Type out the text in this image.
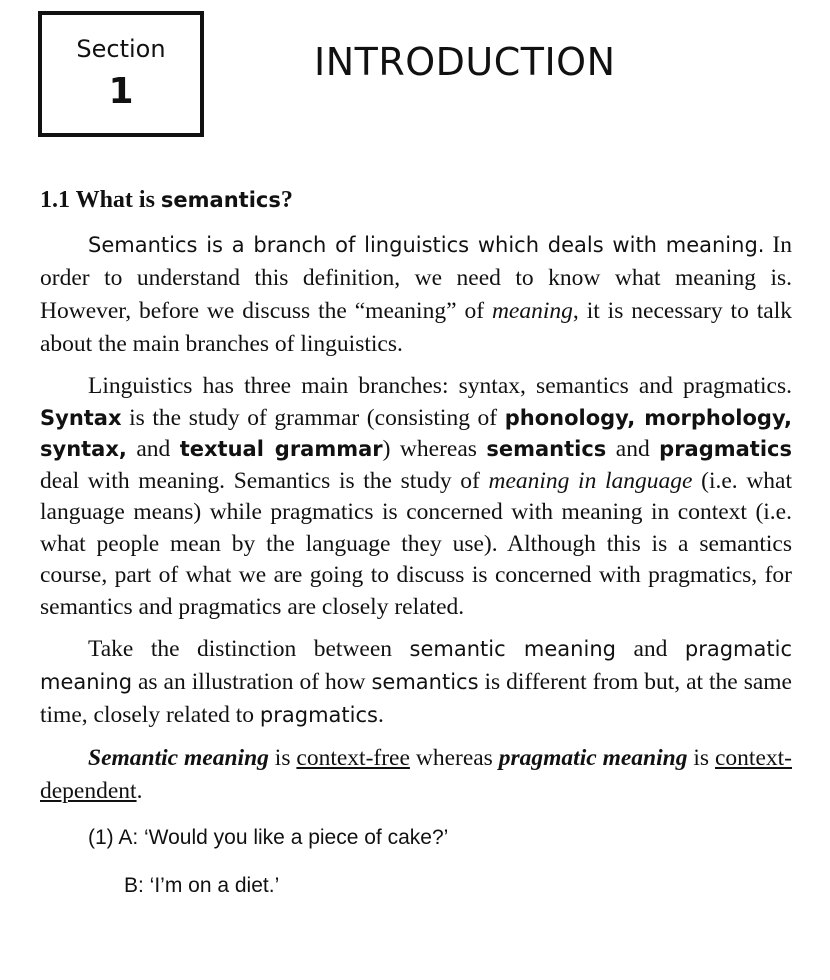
Section
1
INTRODUCTION
1.1 What is semantics?

Semantics is a branch of linguistics which deals with meaning. In order to understand this definition, we need to know what meaning is. However, before we discuss the “meaning” of meaning, it is necessary to talk about the main branches of linguistics.

Linguistics has three main branches: syntax, semantics and pragmatics. Syntax is the study of grammar (consisting of phonology, morphology, syntax, and textual grammar) whereas semantics and pragmatics deal with meaning. Semantics is the study of meaning in language (i.e. what language means) while pragmatics is concerned with meaning in context (i.e. what people mean by the language they use). Although this is a semantics course, part of what we are going to discuss is concerned with pragmatics, for semantics and pragmatics are closely related.

Take the distinction between semantic meaning and pragmatic meaning as an illustration of how semantics is different from but, at the same time, closely related to pragmatics.

Semantic meaning is context-free whereas pragmatic meaning is context-dependent.

(1) A: ‘Would you like a piece of cake?’
B: ‘I’m on a diet.’
